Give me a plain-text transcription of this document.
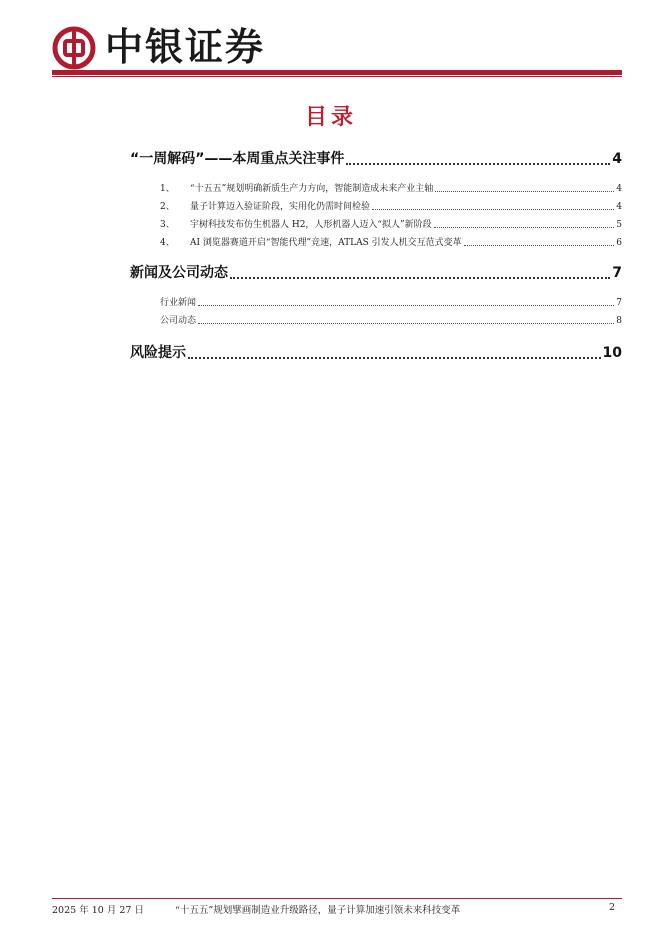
中银证券
目录
“一周解码”——本周重点关注事件	4
1、 “十五五”规划明确新质生产力方向，智能制造成未来产业主轴	4
2、 量子计算迈入验证阶段，实用化仍需时间检验	4
3、 宇树科技发布仿生机器人 H2，人形机器人迈入“拟人”新阶段	5
4、 AI 浏览器赛道开启“智能代理”竞速，ATLAS 引发人机交互范式变革	6
新闻及公司动态	7
行业新闻	7
公司动态	8
风险提示	10
2025 年 10 月 27 日	“十五五”规划擘画制造业升级路径，量子计算加速引领未来科技变革	2
